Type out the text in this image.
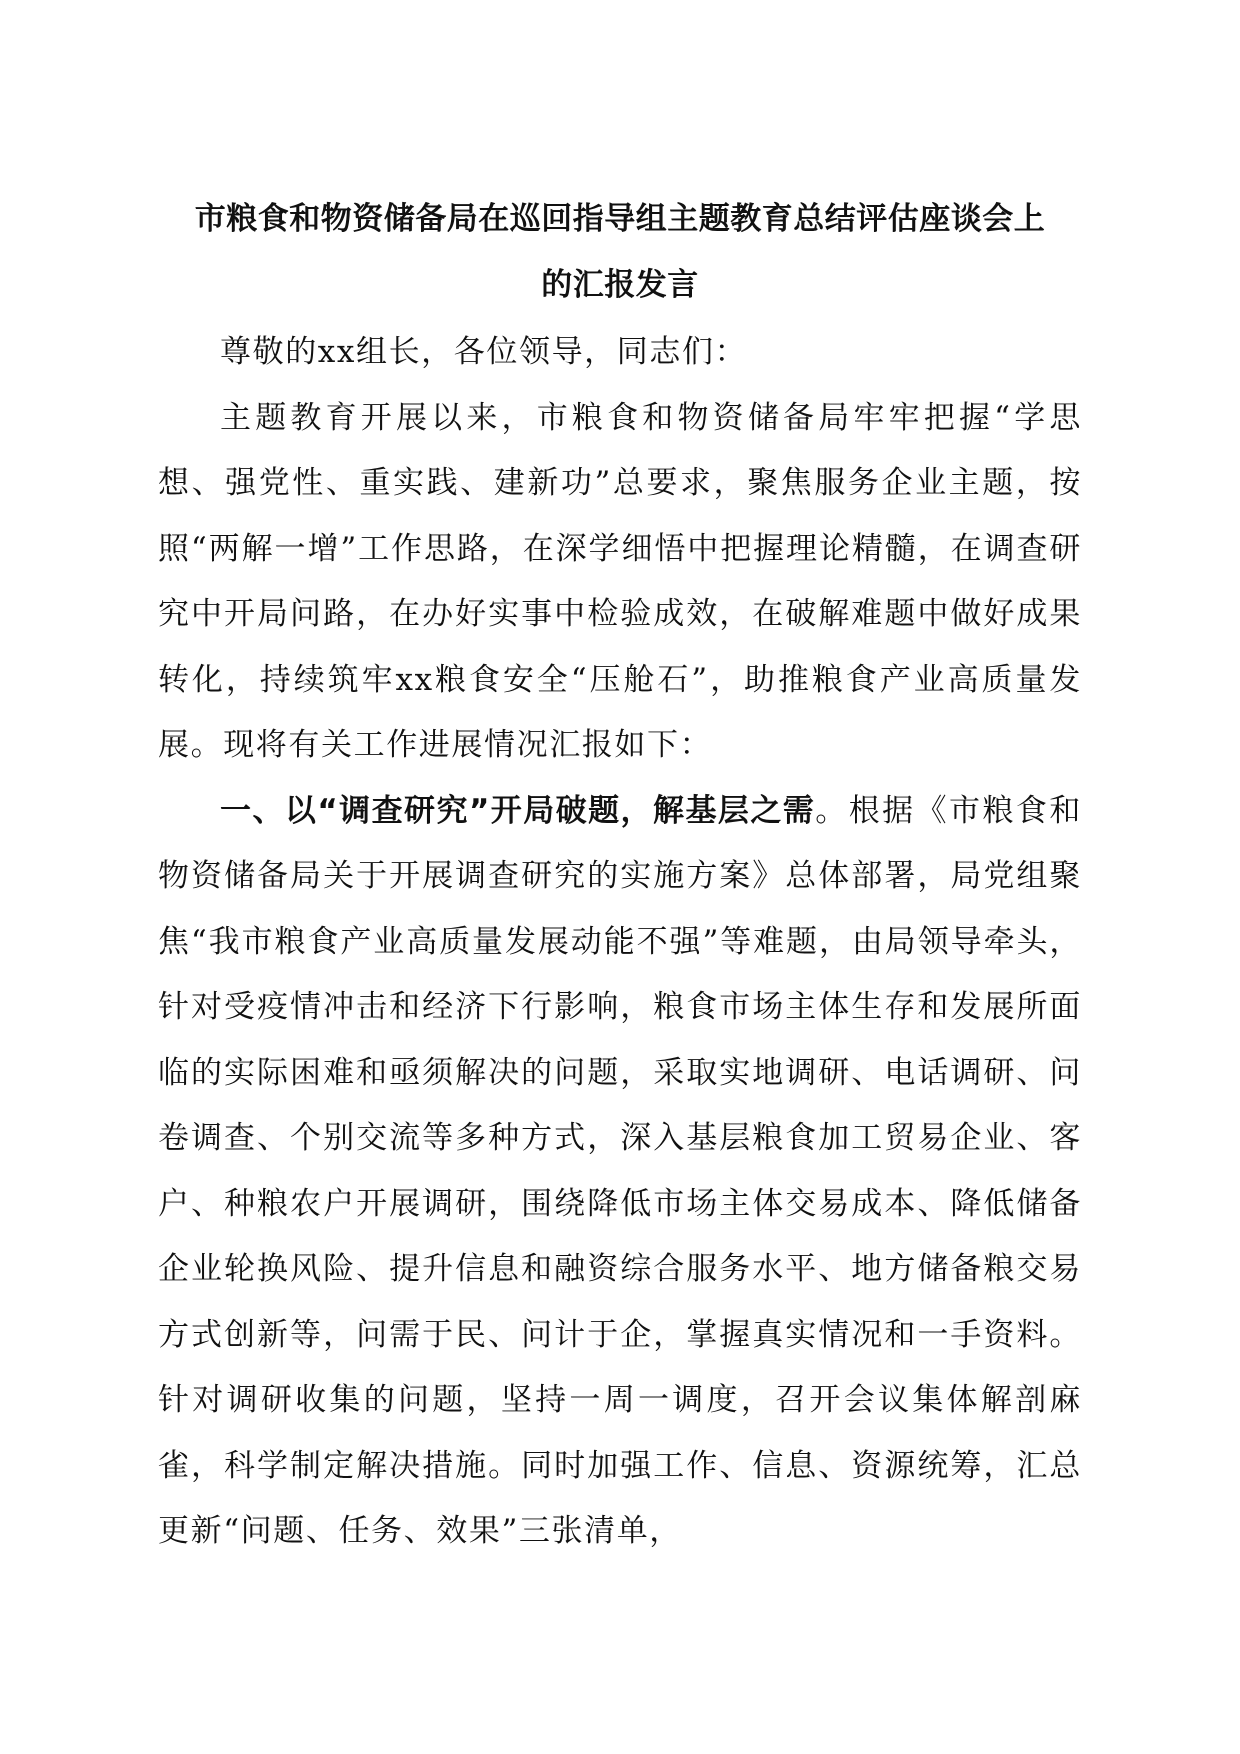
市粮食和物资储备局在巡回指导组主题教育总结评估座谈会上
的汇报发言

尊敬的xx组长，各位领导，同志们：

主题教育开展以来，市粮食和物资储备局牢牢把握“学思想、强党性、重实践、建新功”总要求，聚焦服务企业主题，按照“两解一增”工作思路，在深学细悟中把握理论精髓，在调查研究中开局问路，在办好实事中检验成效，在破解难题中做好成果转化，持续筑牢xx粮食安全“压舱石”，助推粮食产业高质量发展。现将有关工作进展情况汇报如下：

一、以“调查研究”开局破题，解基层之需。根据《市粮食和物资储备局关于开展调查研究的实施方案》总体部署，局党组聚焦“我市粮食产业高质量发展动能不强”等难题，由局领导牵头，针对受疫情冲击和经济下行影响，粮食市场主体生存和发展所面临的实际困难和亟须解决的问题，采取实地调研、电话调研、问卷调查、个别交流等多种方式，深入基层粮食加工贸易企业、客户、种粮农户开展调研，围绕降低市场主体交易成本、降低储备企业轮换风险、提升信息和融资综合服务水平、地方储备粮交易方式创新等，问需于民、问计于企，掌握真实情况和一手资料。针对调研收集的问题，坚持一周一调度，召开会议集体解剖麻雀，科学制定解决措施。同时加强工作、信息、资源统筹，汇总更新“问题、任务、效果”三张清单，
